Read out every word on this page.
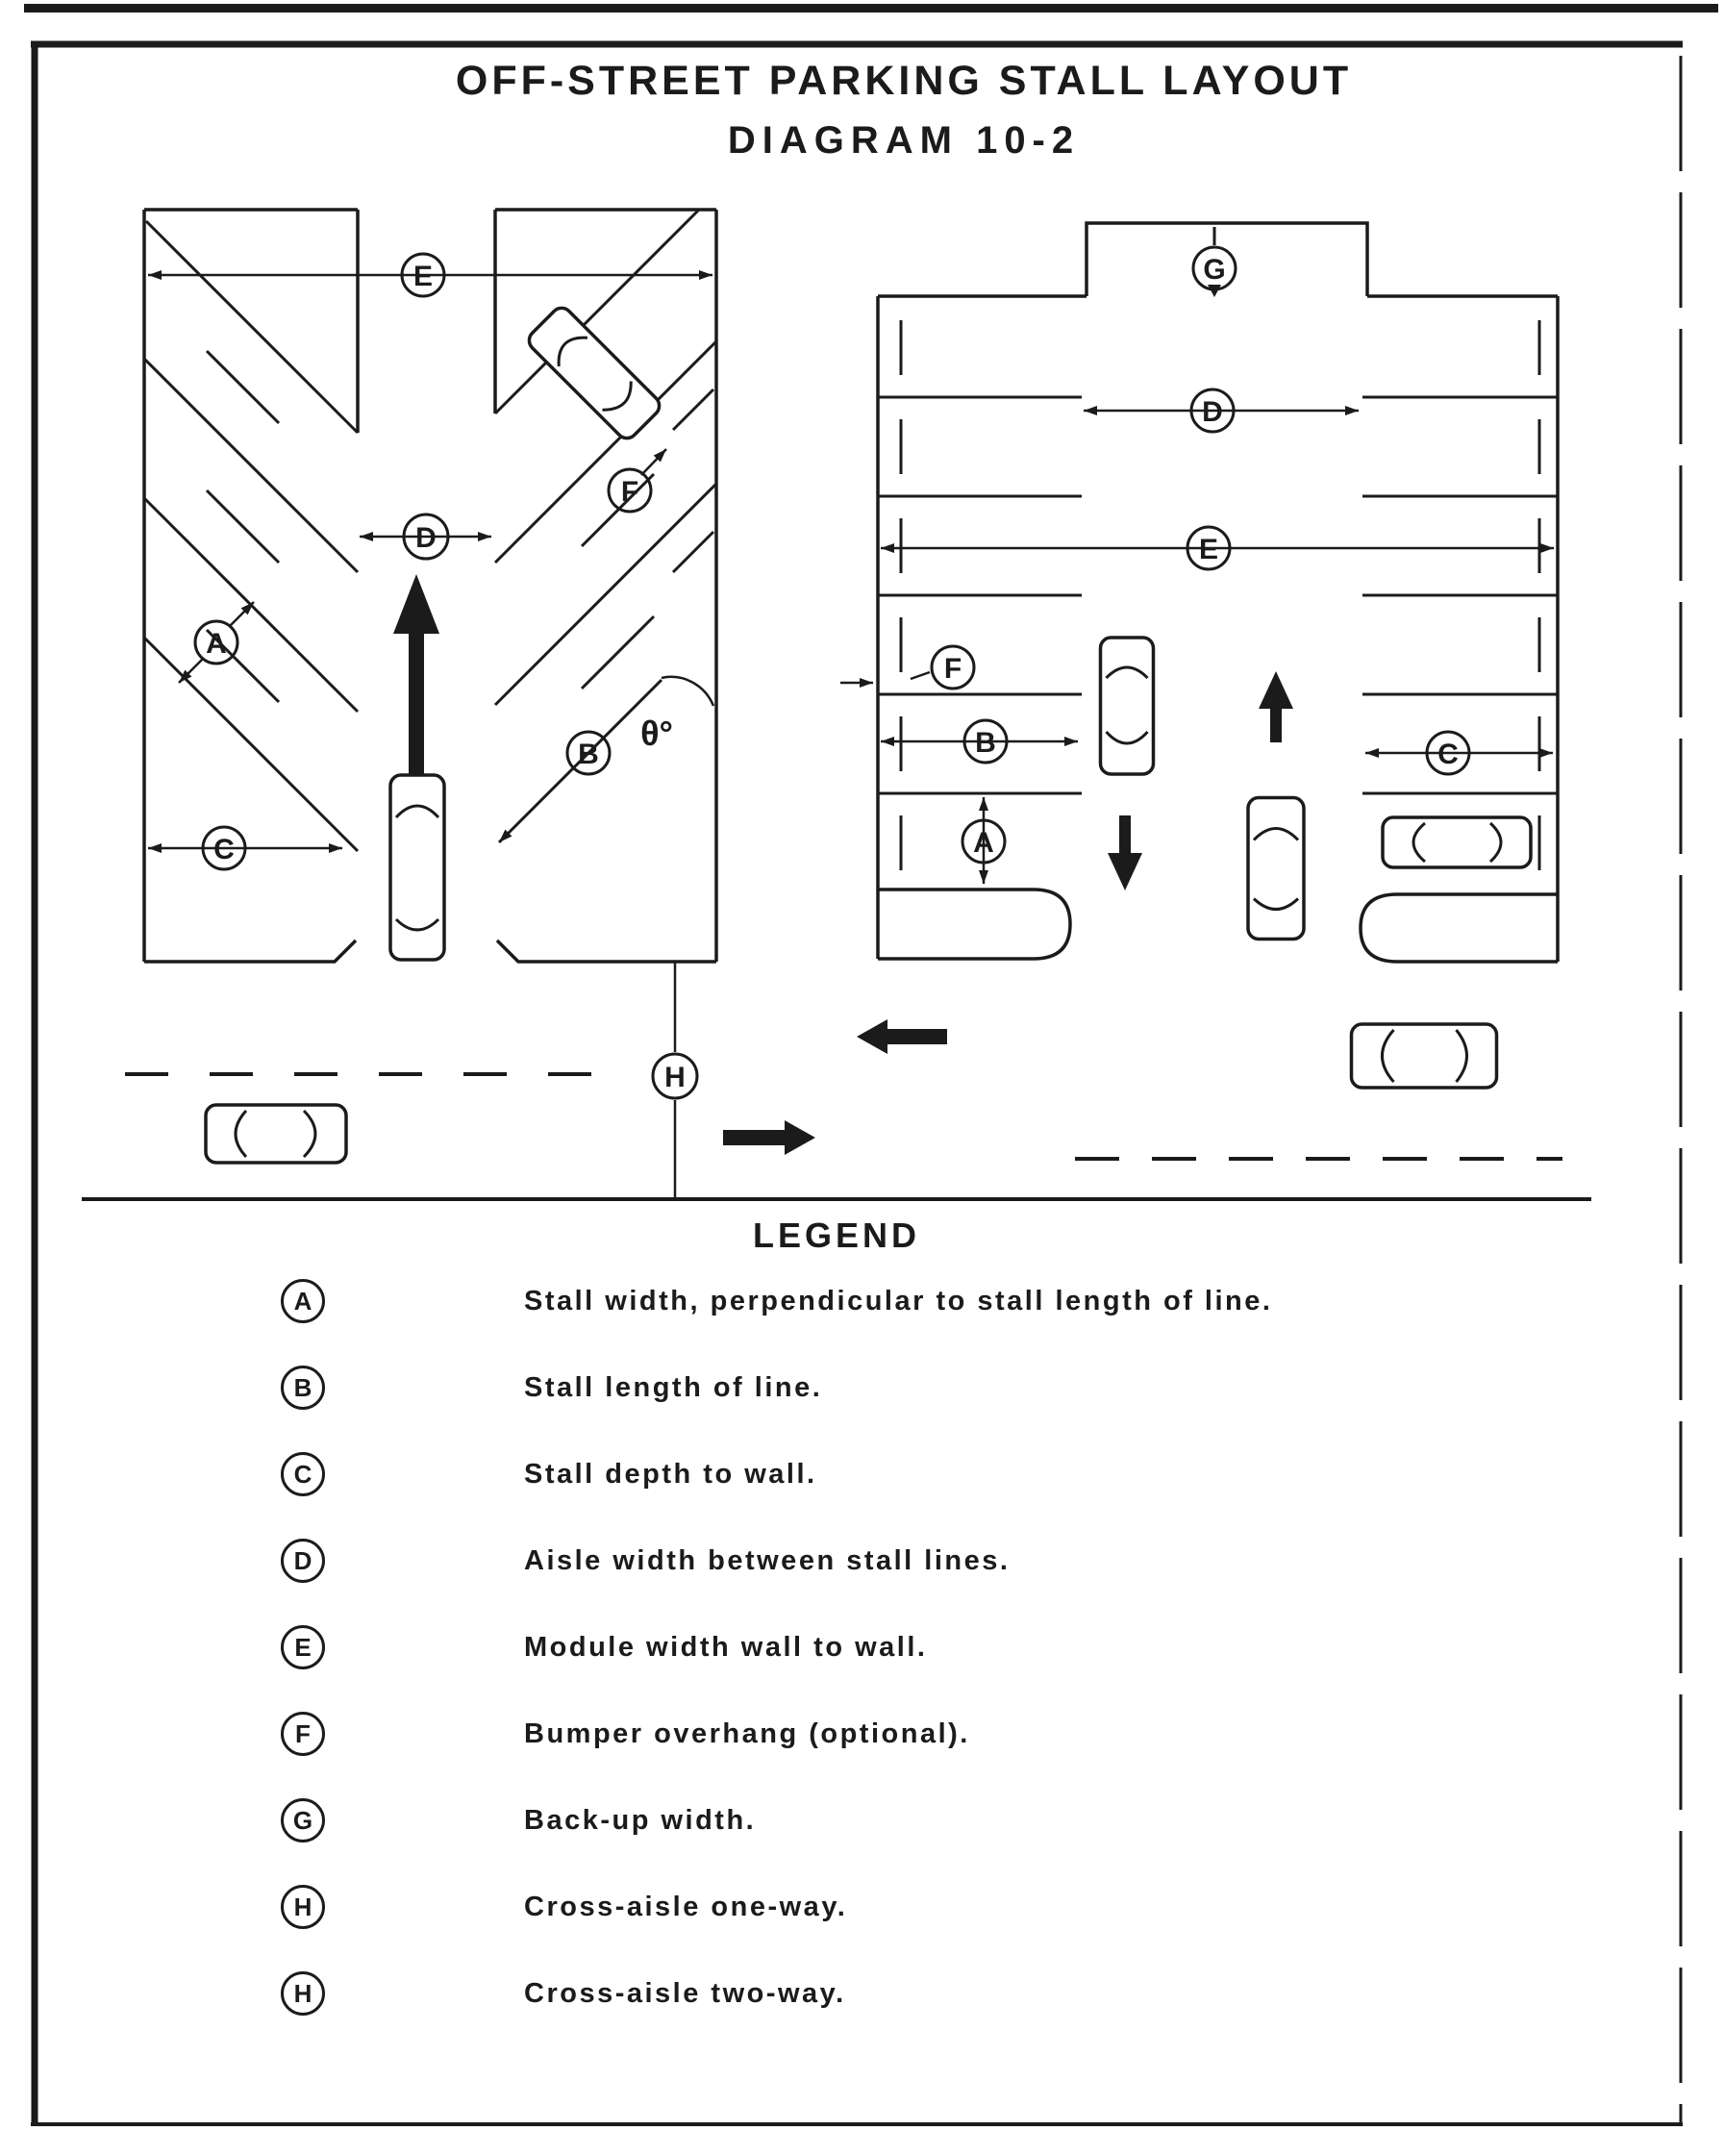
OFF-STREET PARKING STALL LAYOUT
DIAGRAM 10-2
LEGEND
A	Stall width, perpendicular to stall length of line.
B	Stall length of line.
C	Stall depth to wall.
D	Aisle width between stall lines.
E	Module width wall to wall.
F	Bumper overhang (optional).
G	Back-up width.
H	Cross-aisle one-way.
H	Cross-aisle two-way.
θ°
E
D
F
A
B
C
G
D
E
F
B
A
C
H
